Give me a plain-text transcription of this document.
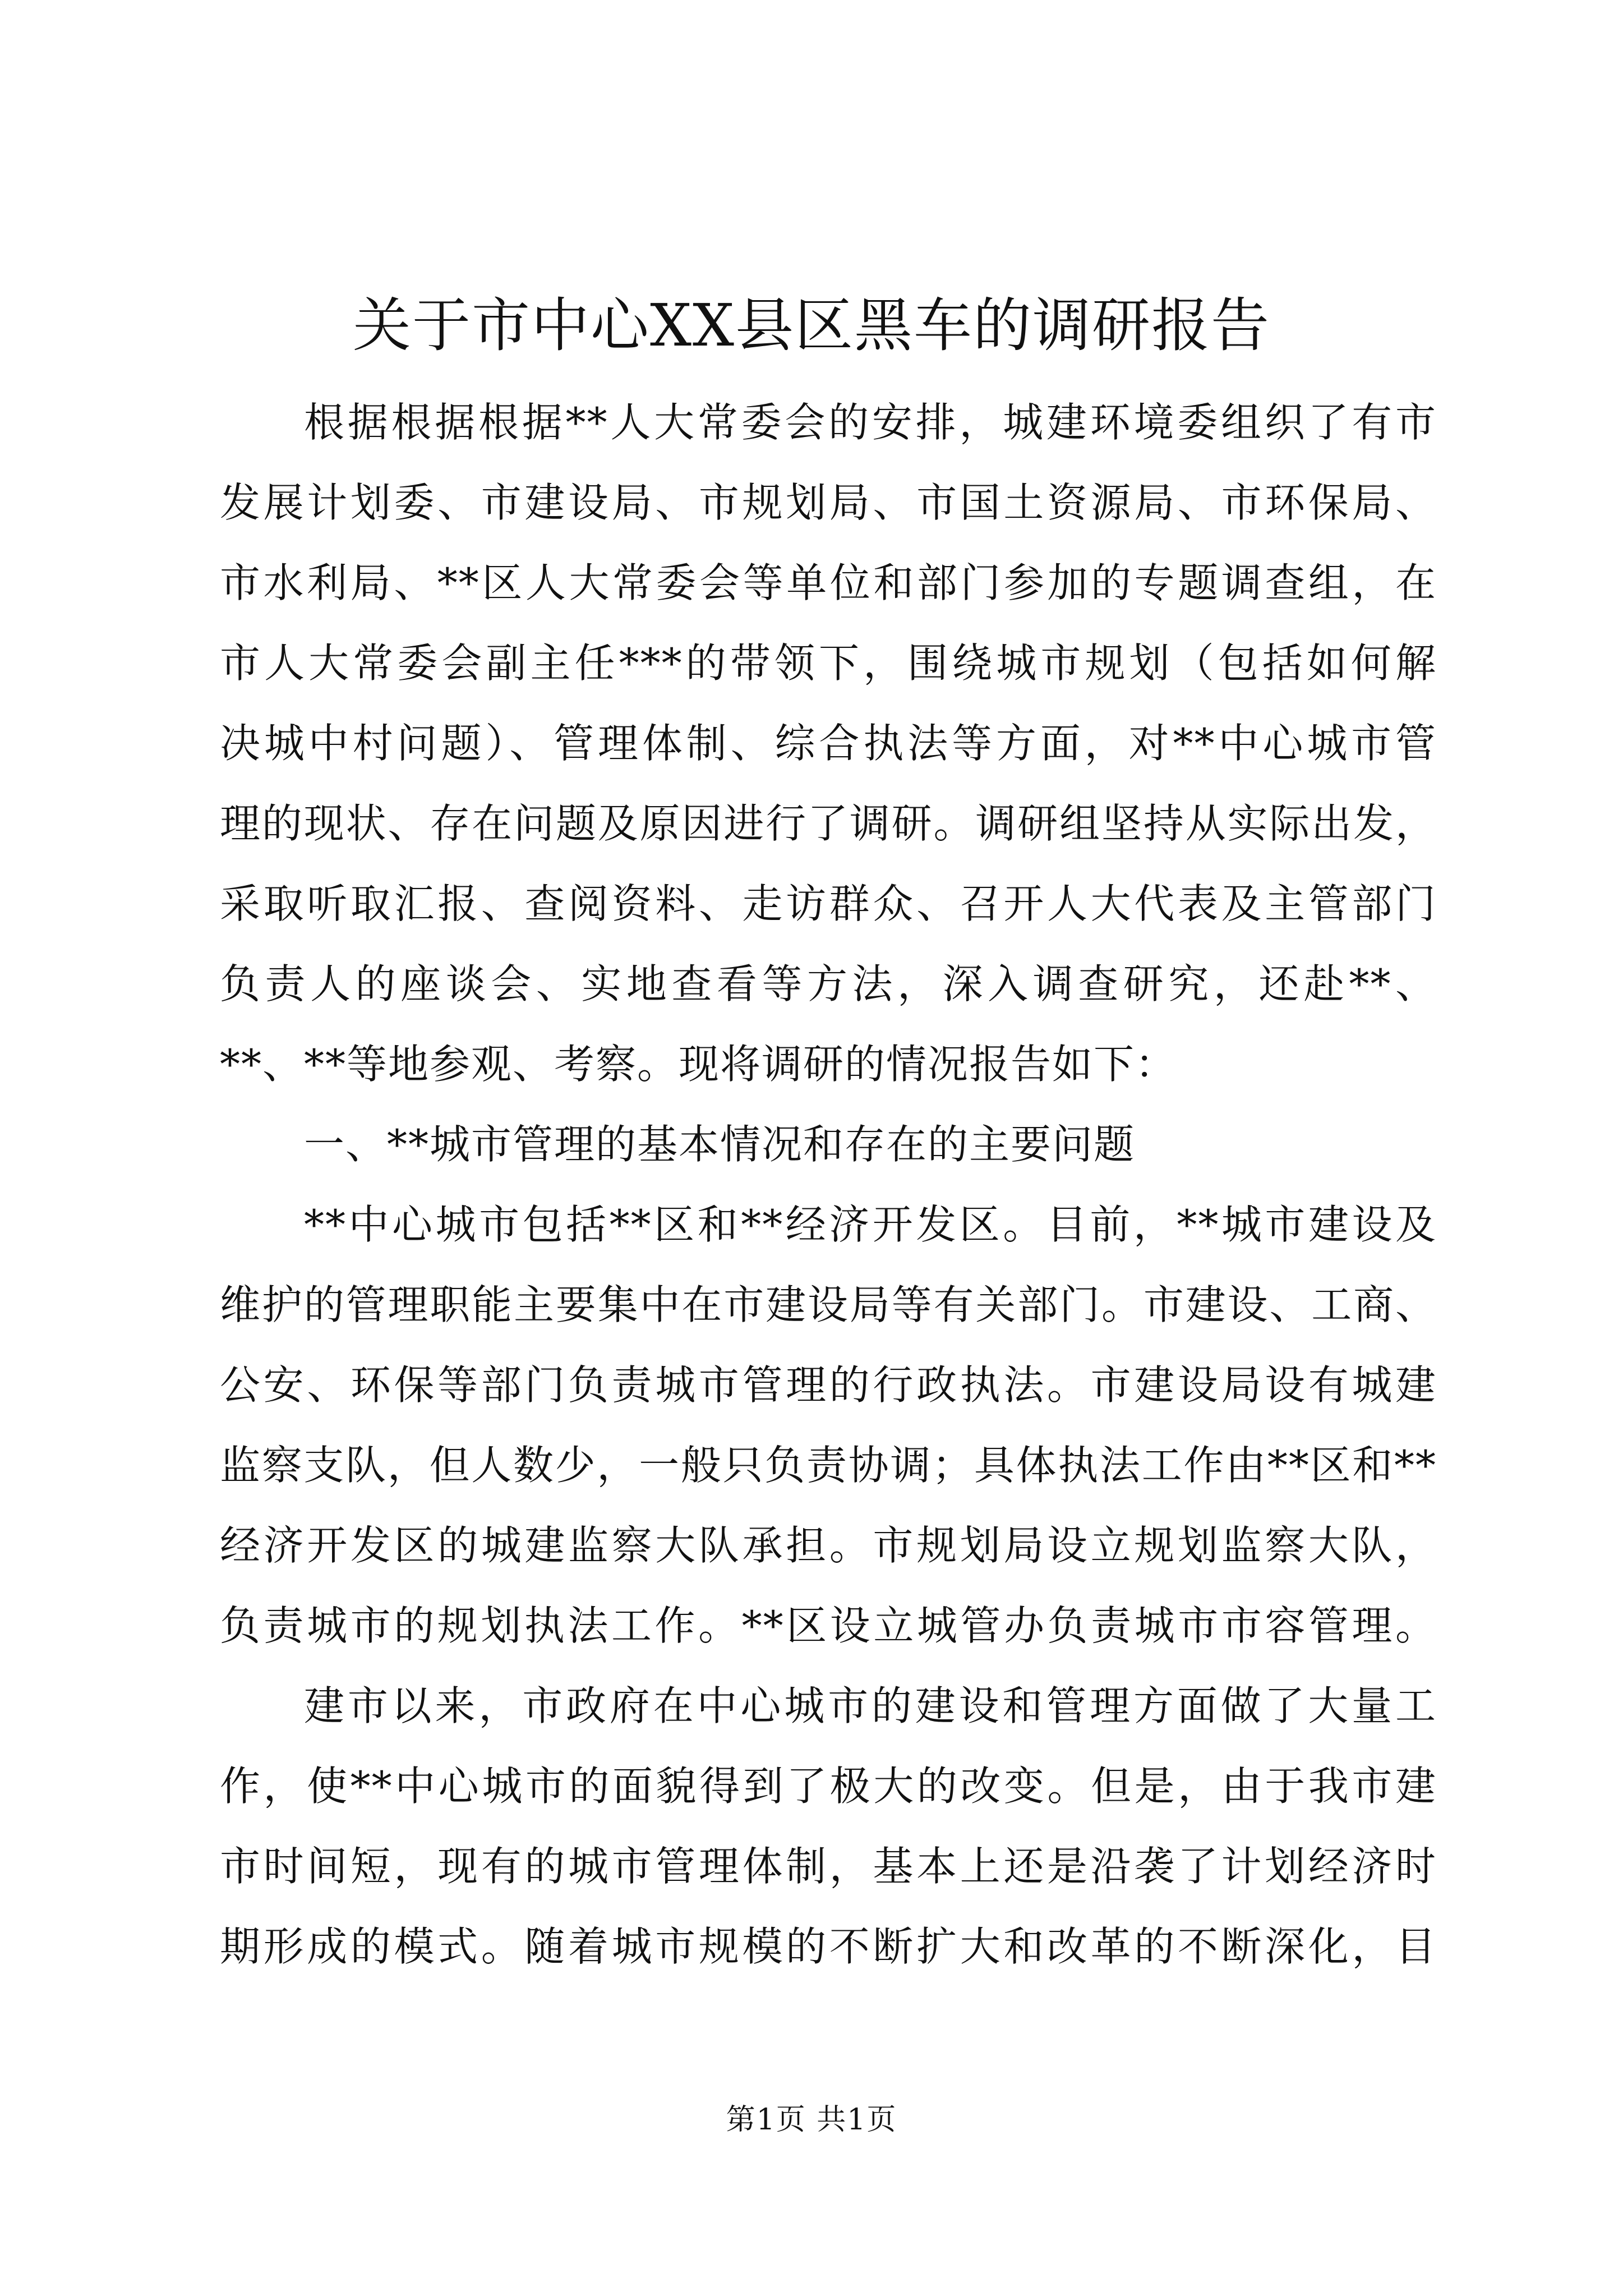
关于市中心XX县区黑车的调研报告
根据根据根据**人大常委会的安排，城建环境委组织了有市
发展计划委、市建设局、市规划局、市国土资源局、市环保局、
市水利局、**区人大常委会等单位和部门参加的专题调查组，在
市人大常委会副主任***的带领下，围绕城市规划（包括如何解
决城中村问题）、管理体制、综合执法等方面，对**中心城市管
理的现状、存在问题及原因进行了调研。调研组坚持从实际出发，
采取听取汇报、查阅资料、走访群众、召开人大代表及主管部门
负责人的座谈会、实地查看等方法，深入调查研究，还赴**、
**、**等地参观、考察。现将调研的情况报告如下：
一、**城市管理的基本情况和存在的主要问题
**中心城市包括**区和**经济开发区。目前，**城市建设及
维护的管理职能主要集中在市建设局等有关部门。市建设、工商、
公安、环保等部门负责城市管理的行政执法。市建设局设有城建
监察支队，但人数少，一般只负责协调；具体执法工作由**区和**
经济开发区的城建监察大队承担。市规划局设立规划监察大队，
负责城市的规划执法工作。**区设立城管办负责城市市容管理。
建市以来，市政府在中心城市的建设和管理方面做了大量工
作，使**中心城市的面貌得到了极大的改变。但是，由于我市建
市时间短，现有的城市管理体制，基本上还是沿袭了计划经济时
期形成的模式。随着城市规模的不断扩大和改革的不断深化，目
第1页 共1页
